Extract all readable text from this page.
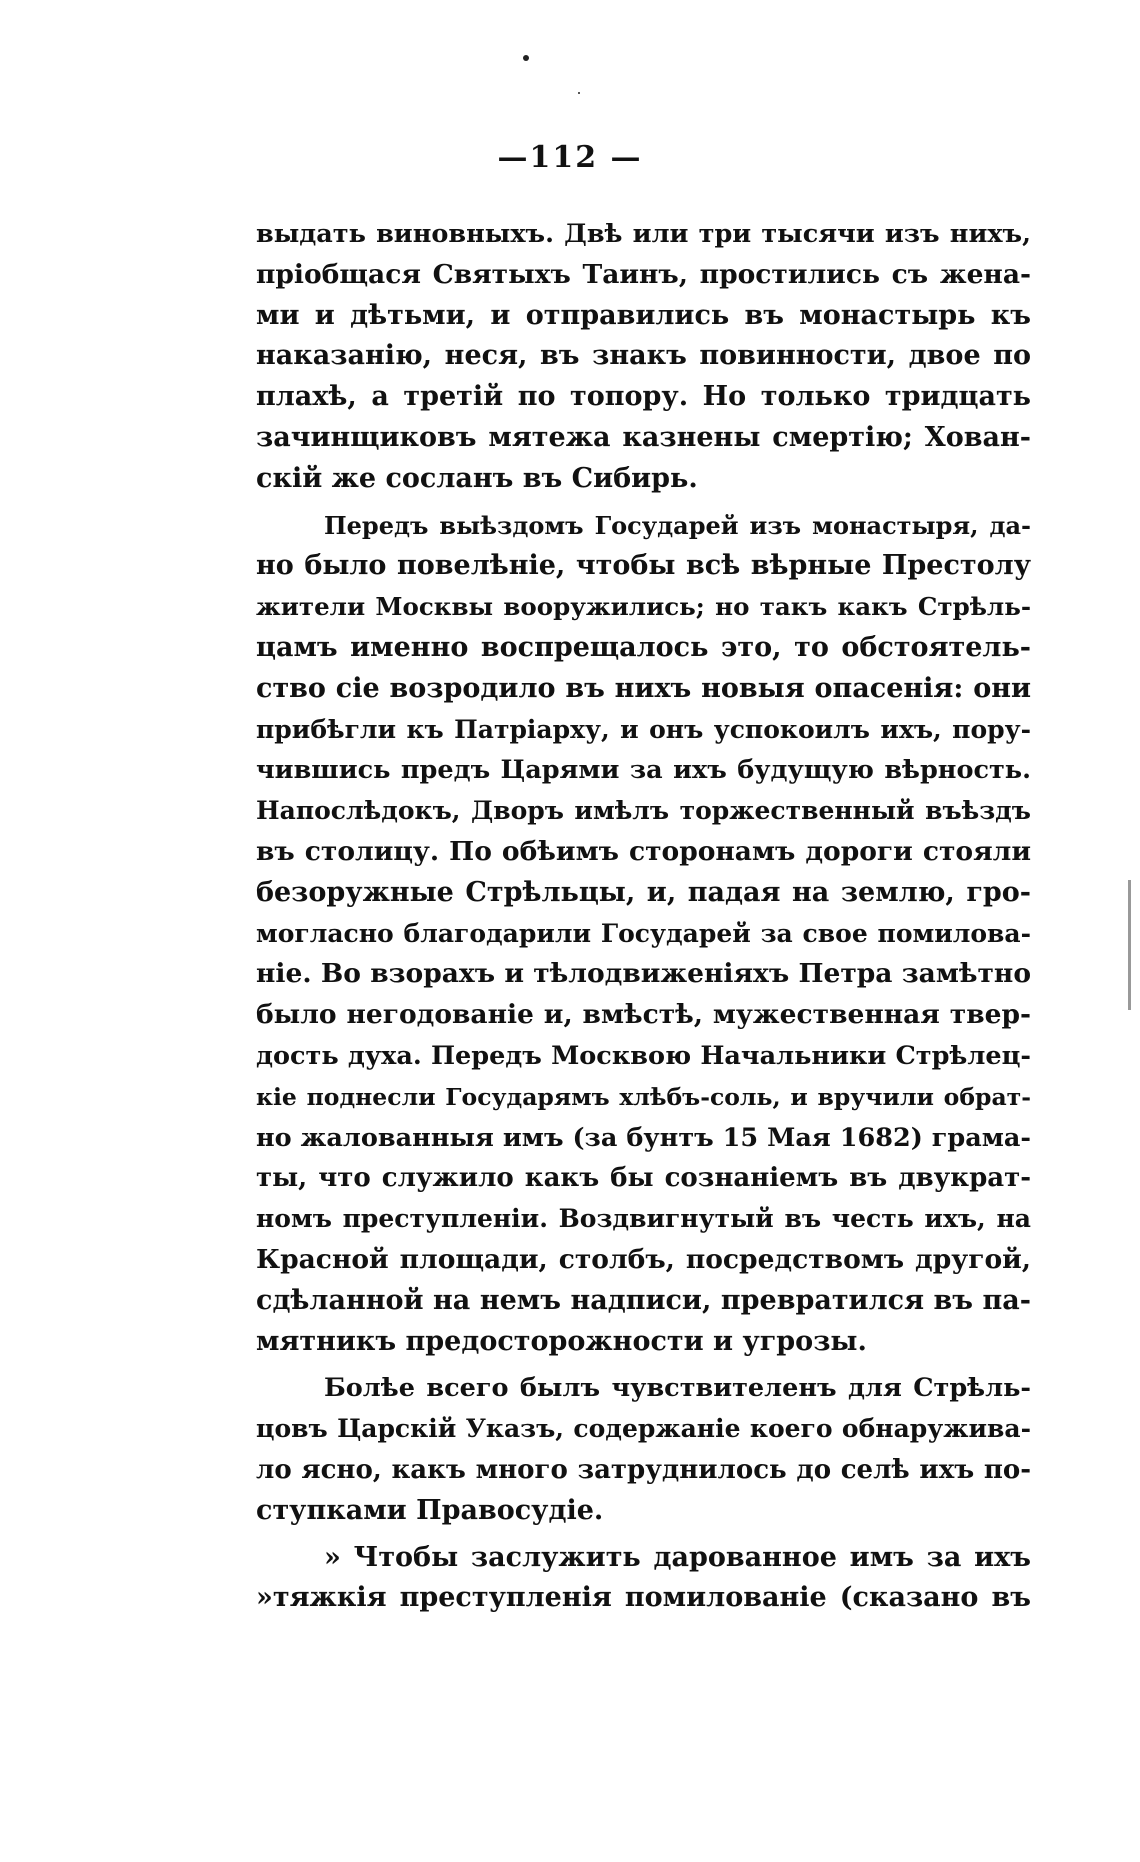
—112 —
выдать виновныхъ. Двѣ или три тысячи изъ нихъ,
пріобщася Святыхъ Таинъ, простились съ жена-
ми и дѣтьми, и отправились въ монастырь къ
наказанію, неся, въ знакъ повинности, двое по
плахѣ, а третій по топору. Но только тридцать
зачинщиковъ мятежа казнены смертію; Хован-
скій же сосланъ въ Сибирь.
Передъ выѣздомъ Государей изъ монастыря, да-
но было повелѣніе, чтобы всѣ вѣрные Престолу
жители Москвы вооружились; но такъ какъ Стрѣль-
цамъ именно воспрещалось это, то обстоятель-
ство сіе возродило въ нихъ новыя опасенія: они
прибѣгли къ Патріарху, и онъ успокоилъ ихъ, пору-
чившись предъ Царями за ихъ будущую вѣрность.
Напослѣдокъ, Дворъ имѣлъ торжественный въѣздъ
въ столицу. По обѣимъ сторонамъ дороги стояли
безоружные Стрѣльцы, и, падая на землю, гро-
могласно благодарили Государей за свое помилова-
ніе. Во взорахъ и тѣлодвиженіяхъ Петра замѣтно
было негодованіе и, вмѣстѣ, мужественная твер-
дость духа. Передъ Москвою Начальники Стрѣлец-
кіе поднесли Государямъ хлѣбъ-соль, и вручили обрат-
но жалованныя имъ (за бунтъ 15 Мая 1682) грама-
ты, что служило какъ бы сознаніемъ въ двукрат-
номъ преступленіи. Воздвигнутый въ честь ихъ, на
Красной площади, столбъ, посредствомъ другой,
сдѣланной на немъ надписи, превратился въ па-
мятникъ предосторожности и угрозы.
Болѣе всего былъ чувствителенъ для Стрѣль-
цовъ Царскій Указъ, содержаніе коего обнаружива-
ло ясно, какъ много затруднилось до селѣ ихъ по-
ступками Правосудіе.
» Чтобы заслужить дарованное имъ за ихъ
»тяжкія преступленія помилованіе (сказано въ
